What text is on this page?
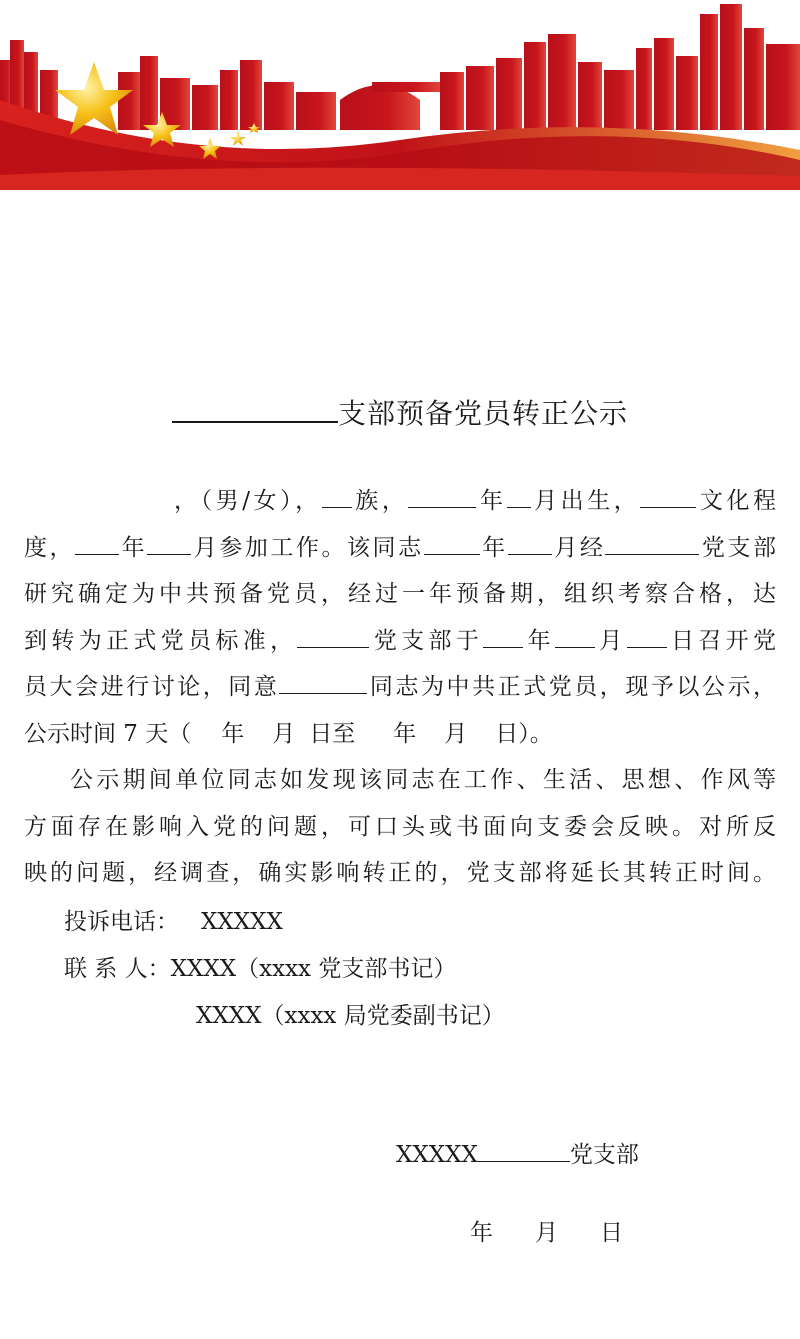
支部预备党员转正公示
，（男/女）， 族，	年 月出生， 文化程
度， 年 月参加工作。该同志 年 月经	党支部
研究确定为中共预备党员，经过一年预备期，组织考察合格，达
到转为正式党员标准，	党支部于 年 月 日召开党
员大会进行讨论，同意	同志为中共正式党员，现予以公示，
公示时间 7 天（ 年 月 日至 年 月 日）。
公示期间单位同志如发现该同志在工作、生活、思想、作风等
方面存在影响入党的问题，可口头或书面向支委会反映。对所反
映的问题，经调查，确实影响转正的，党支部将延长其转正时间。
投诉电话： XXXXX
联 系 人：XXXX（xxxx 党支部书记）
XXXX（xxxx 局党委副书记）
XXXXX	党支部
年 月 日
